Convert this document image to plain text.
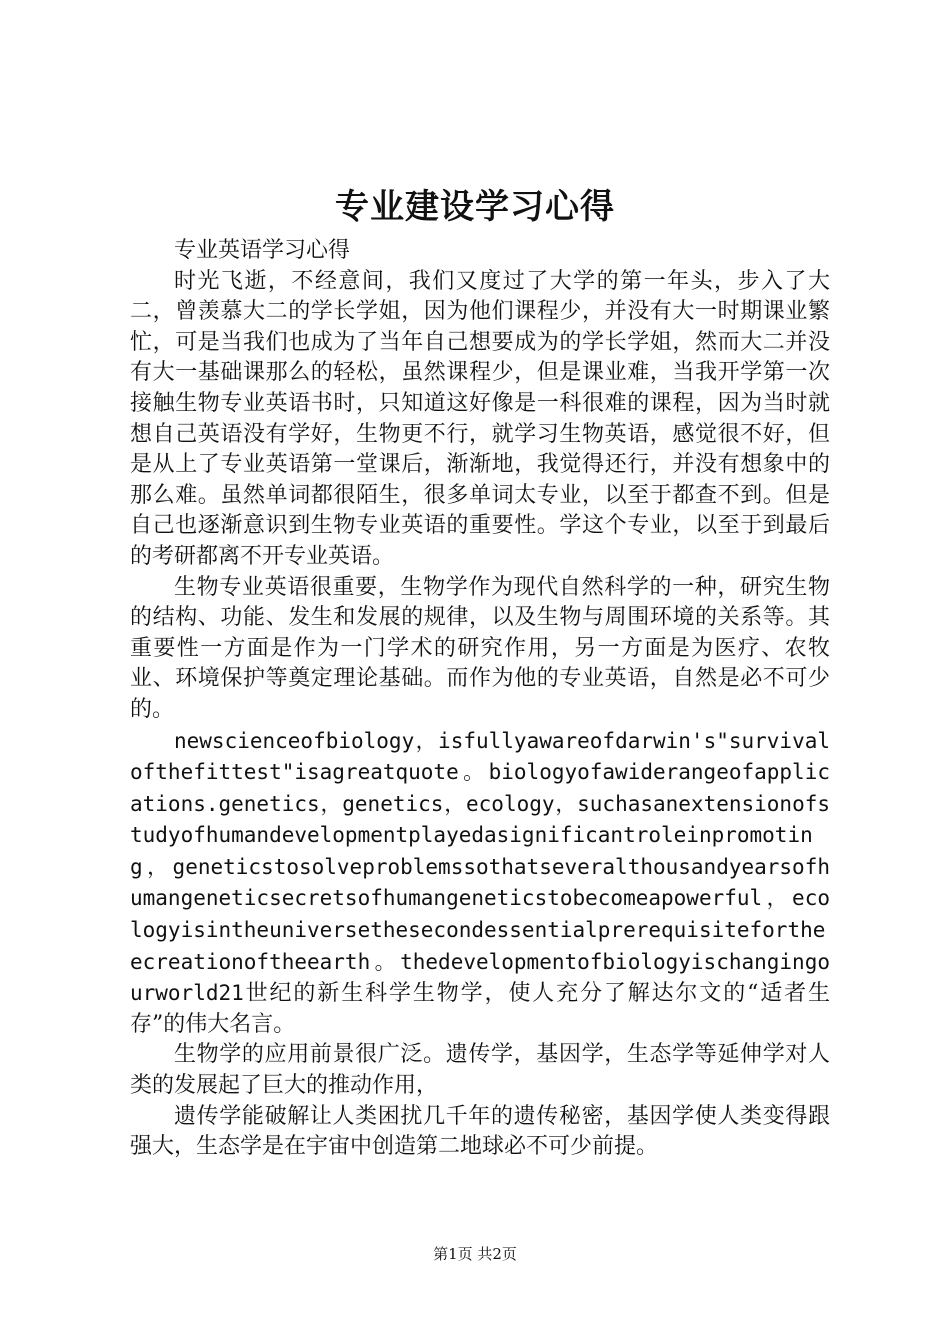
专业建设学习心得

专业英语学习心得

时光飞逝，不经意间，我们又度过了大学的第一年头，步入了大二，曾羡慕大二的学长学姐，因为他们课程少，并没有大一时期课业繁忙，可是当我们也成为了当年自己想要成为的学长学姐，然而大二并没有大一基础课那么的轻松，虽然课程少，但是课业难，当我开学第一次接触生物专业英语书时，只知道这好像是一科很难的课程，因为当时就想自己英语没有学好，生物更不行，就学习生物英语，感觉很不好，但是从上了专业英语第一堂课后，渐渐地，我觉得还行，并没有想象中的那么难。虽然单词都很陌生，很多单词太专业，以至于都查不到。但是自己也逐渐意识到生物专业英语的重要性。学这个专业，以至于到最后的考研都离不开专业英语。

生物专业英语很重要，生物学作为现代自然科学的一种，研究生物的结构、功能、发生和发展的规律，以及生物与周围环境的关系等。其重要性一方面是作为一门学术的研究作用，另一方面是为医疗、农牧业、环境保护等奠定理论基础。而作为他的专业英语，自然是必不可少的。

newscienceofbiology，isfullyawareofdarwin's"survivalofthefittest"isagreatquote。biologyofawiderangeofapplications.genetics，genetics，ecology，suchasanextensionofstudyofhumandevelopmentplayedasignificantroleinpromoting，geneticstosolveproblemssothatseveralthousandyearsofhumangeneticsecretsofhumangeneticstobecomeapowerful，ecologyisintheuniversethesecondessentialprerequisitefortheecreationoftheearth。thedevelopmentofbiologyischangingourworld21世纪的新生科学生物学，使人充分了解达尔文的“适者生存”的伟大名言。

生物学的应用前景很广泛。遗传学，基因学，生态学等延伸学对人类的发展起了巨大的推动作用，

遗传学能破解让人类困扰几千年的遗传秘密，基因学使人类变得跟强大，生态学是在宇宙中创造第二地球必不可少前提。

第1页 共2页
